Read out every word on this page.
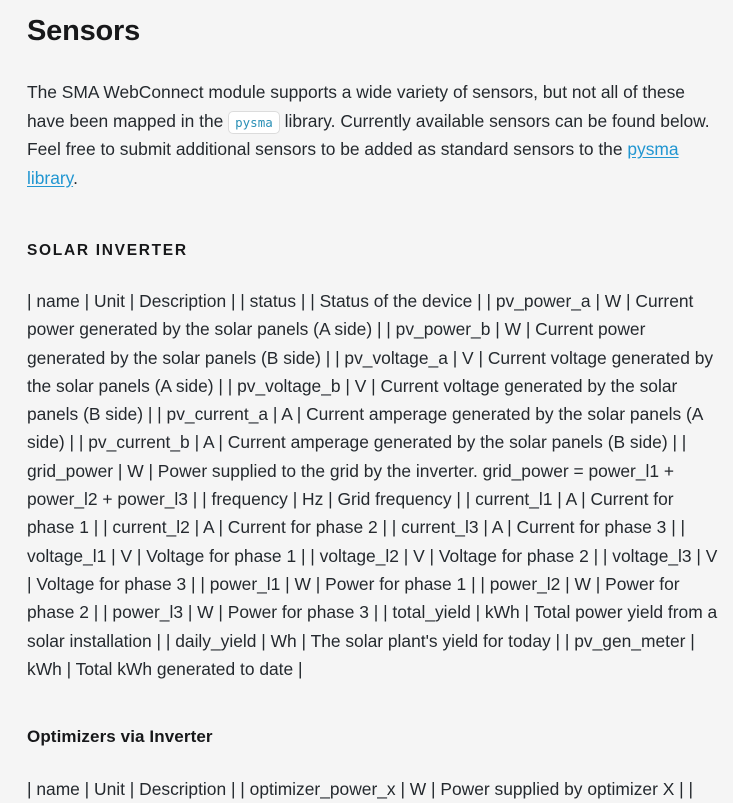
Sensors

The SMA WebConnect module supports a wide variety of sensors, but not all of these have been mapped in the pysma library. Currently available sensors can be found below. Feel free to submit additional sensors to be added as standard sensors to the pysma library.

SOLAR INVERTER

| name | Unit | Description | | status | | Status of the device | | pv_power_a | W | Current power generated by the solar panels (A side) | | pv_power_b | W | Current power generated by the solar panels (B side) | | pv_voltage_a | V | Current voltage generated by the solar panels (A side) | | pv_voltage_b | V | Current voltage generated by the solar panels (B side) | | pv_current_a | A | Current amperage generated by the solar panels (A side) | | pv_current_b | A | Current amperage generated by the solar panels (B side) | | grid_power | W | Power supplied to the grid by the inverter. grid_power = power_l1 + power_l2 + power_l3 | | frequency | Hz | Grid frequency | | current_l1 | A | Current for phase 1 | | current_l2 | A | Current for phase 2 | | current_l3 | A | Current for phase 3 | | voltage_l1 | V | Voltage for phase 1 | | voltage_l2 | V | Voltage for phase 2 | | voltage_l3 | V | Voltage for phase 3 | | power_l1 | W | Power for phase 1 | | power_l2 | W | Power for phase 2 | | power_l3 | W | Power for phase 3 | | total_yield | kWh | Total power yield from a solar installation | | daily_yield | Wh | The solar plant's yield for today | | pv_gen_meter | kWh | Total kWh generated to date |

Optimizers via Inverter

| name | Unit | Description | | optimizer_power_x | W | Power supplied by optimizer X | |
